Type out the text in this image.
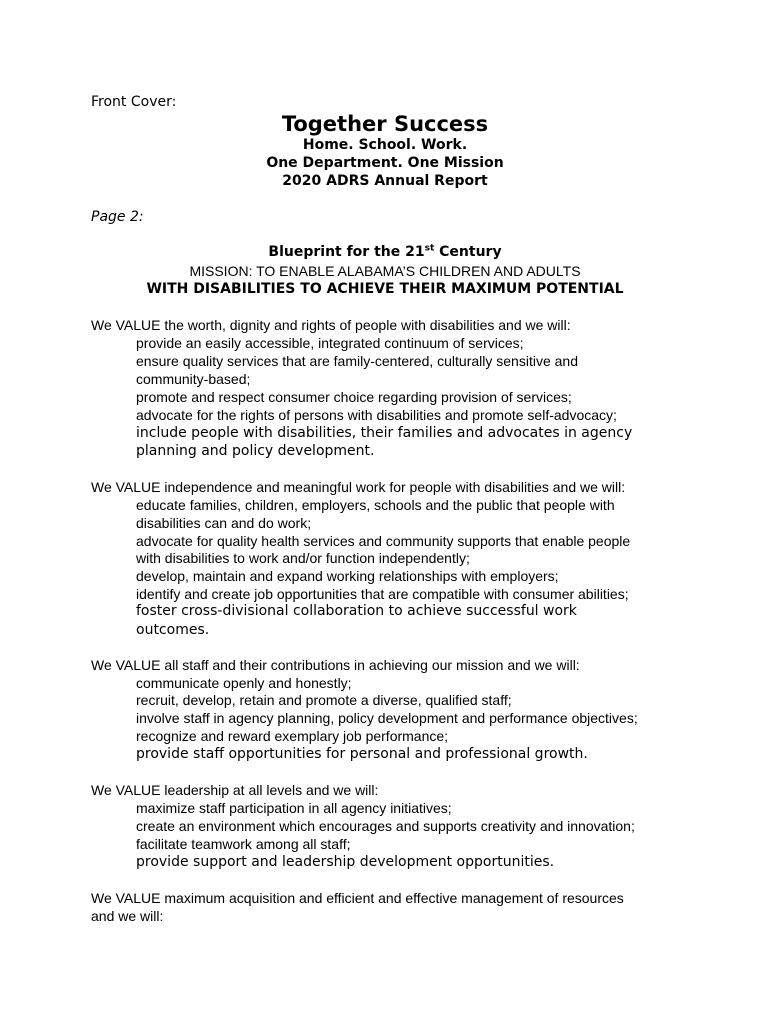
Front Cover:
Together Success
Home. School. Work.
One Department. One Mission
2020 ADRS Annual Report
Page 2:
Blueprint for the 21st Century
MISSION: TO ENABLE ALABAMA’S CHILDREN AND ADULTS
WITH DISABILITIES TO ACHIEVE THEIR MAXIMUM POTENTIAL
We VALUE the worth, dignity and rights of people with disabilities and we will:
provide an easily accessible, integrated continuum of services;
ensure quality services that are family-centered, culturally sensitive and
community-based;
promote and respect consumer choice regarding provision of services;
advocate for the rights of persons with disabilities and promote self-advocacy;
include people with disabilities, their families and advocates in agency
planning and policy development.
We VALUE independence and meaningful work for people with disabilities and we will:
educate families, children, employers, schools and the public that people with
disabilities can and do work;
advocate for quality health services and community supports that enable people
with disabilities to work and/or function independently;
develop, maintain and expand working relationships with employers;
identify and create job opportunities that are compatible with consumer abilities;
foster cross-divisional collaboration to achieve successful work
outcomes.
We VALUE all staff and their contributions in achieving our mission and we will:
communicate openly and honestly;
recruit, develop, retain and promote a diverse, qualified staff;
involve staff in agency planning, policy development and performance objectives;
recognize and reward exemplary job performance;
provide staff opportunities for personal and professional growth.
We VALUE leadership at all levels and we will:
maximize staff participation in all agency initiatives;
create an environment which encourages and supports creativity and innovation;
facilitate teamwork among all staff;
provide support and leadership development opportunities.
We VALUE maximum acquisition and efficient and effective management of resources
and we will:
